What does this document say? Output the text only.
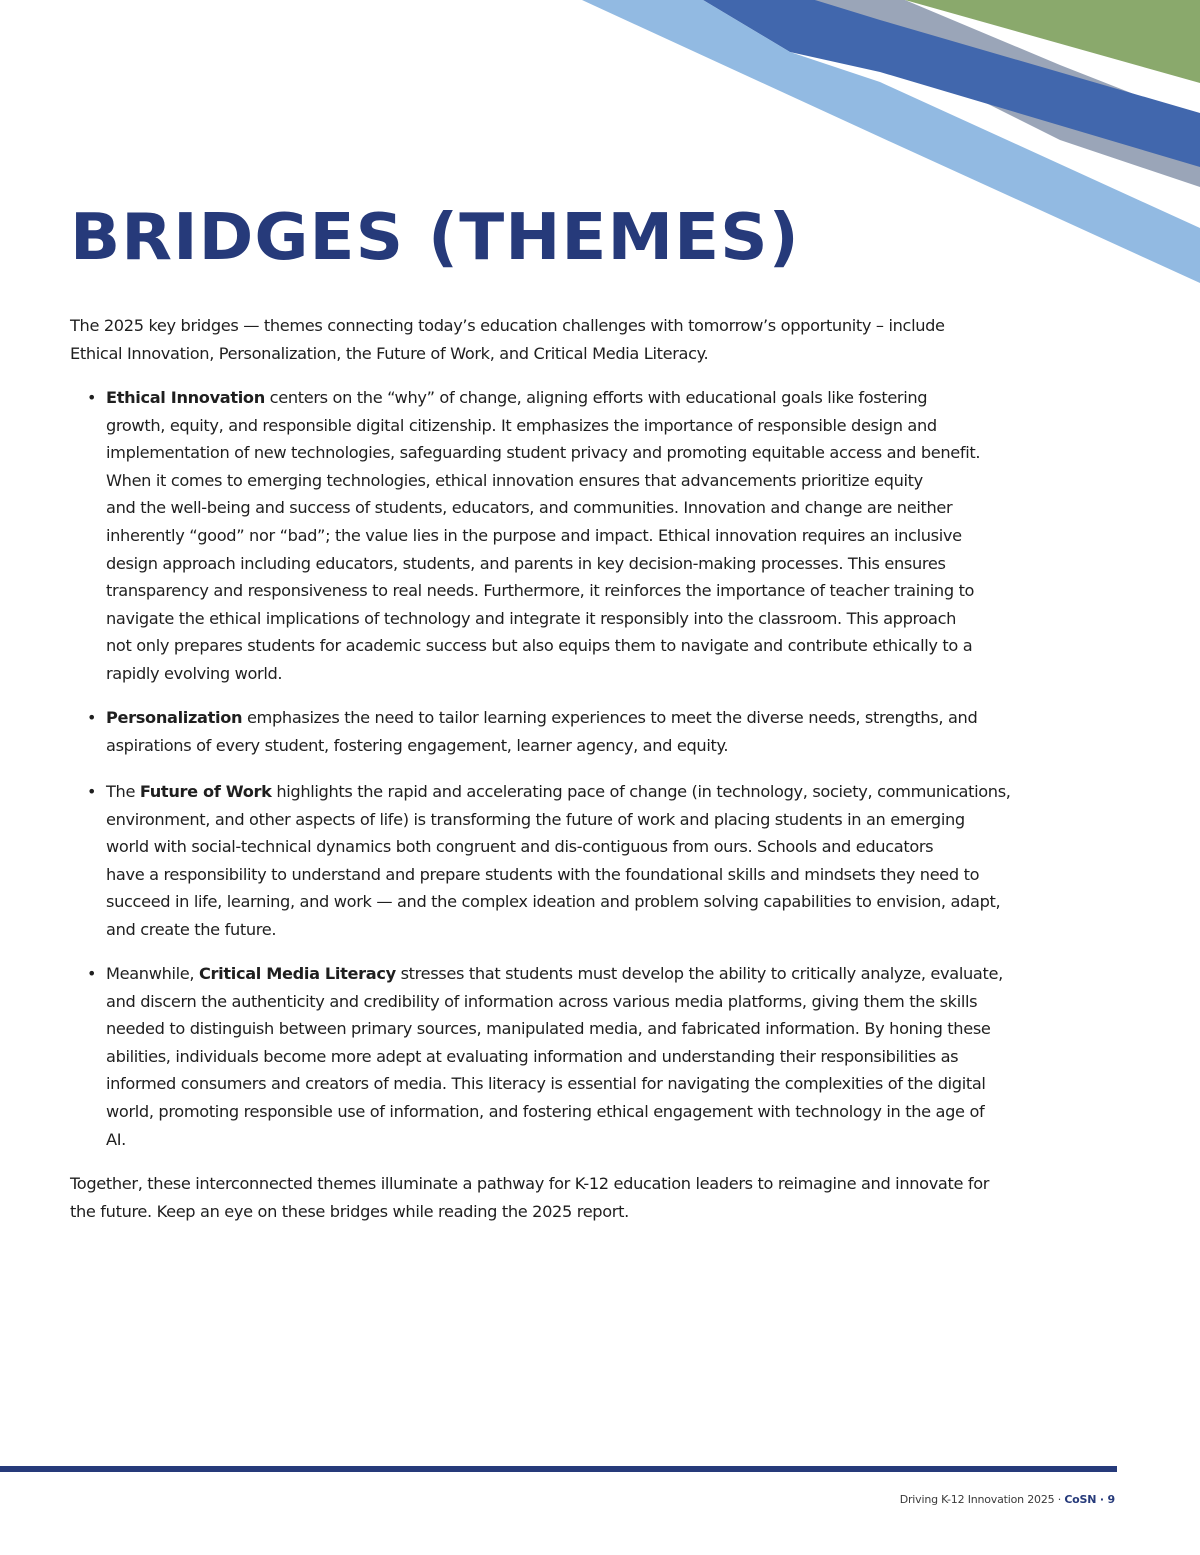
BRIDGES (THEMES)
The 2025 key bridges — themes connecting today’s education challenges with tomorrow’s opportunity – include
Ethical Innovation, Personalization, the Future of Work, and Critical Media Literacy.
• Ethical Innovation centers on the “why” of change, aligning efforts with educational goals like fostering
growth, equity, and responsible digital citizenship. It emphasizes the importance of responsible design and
implementation of new technologies, safeguarding student privacy and promoting equitable access and benefit.
When it comes to emerging technologies, ethical innovation ensures that advancements prioritize equity
and the well-being and success of students, educators, and communities. Innovation and change are neither
inherently “good” nor “bad”; the value lies in the purpose and impact. Ethical innovation requires an inclusive
design approach including educators, students, and parents in key decision-making processes. This ensures
transparency and responsiveness to real needs. Furthermore, it reinforces the importance of teacher training to
navigate the ethical implications of technology and integrate it responsibly into the classroom. This approach
not only prepares students for academic success but also equips them to navigate and contribute ethically to a
rapidly evolving world.
• Personalization emphasizes the need to tailor learning experiences to meet the diverse needs, strengths, and
aspirations of every student, fostering engagement, learner agency, and equity.
• The Future of Work highlights the rapid and accelerating pace of change (in technology, society, communications,
environment, and other aspects of life) is transforming the future of work and placing students in an emerging
world with social-technical dynamics both congruent and dis-contiguous from ours. Schools and educators
have a responsibility to understand and prepare students with the foundational skills and mindsets they need to
succeed in life, learning, and work — and the complex ideation and problem solving capabilities to envision, adapt,
and create the future.
• Meanwhile, Critical Media Literacy stresses that students must develop the ability to critically analyze, evaluate,
and discern the authenticity and credibility of information across various media platforms, giving them the skills
needed to distinguish between primary sources, manipulated media, and fabricated information. By honing these
abilities, individuals become more adept at evaluating information and understanding their responsibilities as
informed consumers and creators of media. This literacy is essential for navigating the complexities of the digital
world, promoting responsible use of information, and fostering ethical engagement with technology in the age of
AI.
Together, these interconnected themes illuminate a pathway for K-12 education leaders to reimagine and innovate for
the future. Keep an eye on these bridges while reading the 2025 report.
Driving K-12 Innovation 2025 · CoSN · 9
